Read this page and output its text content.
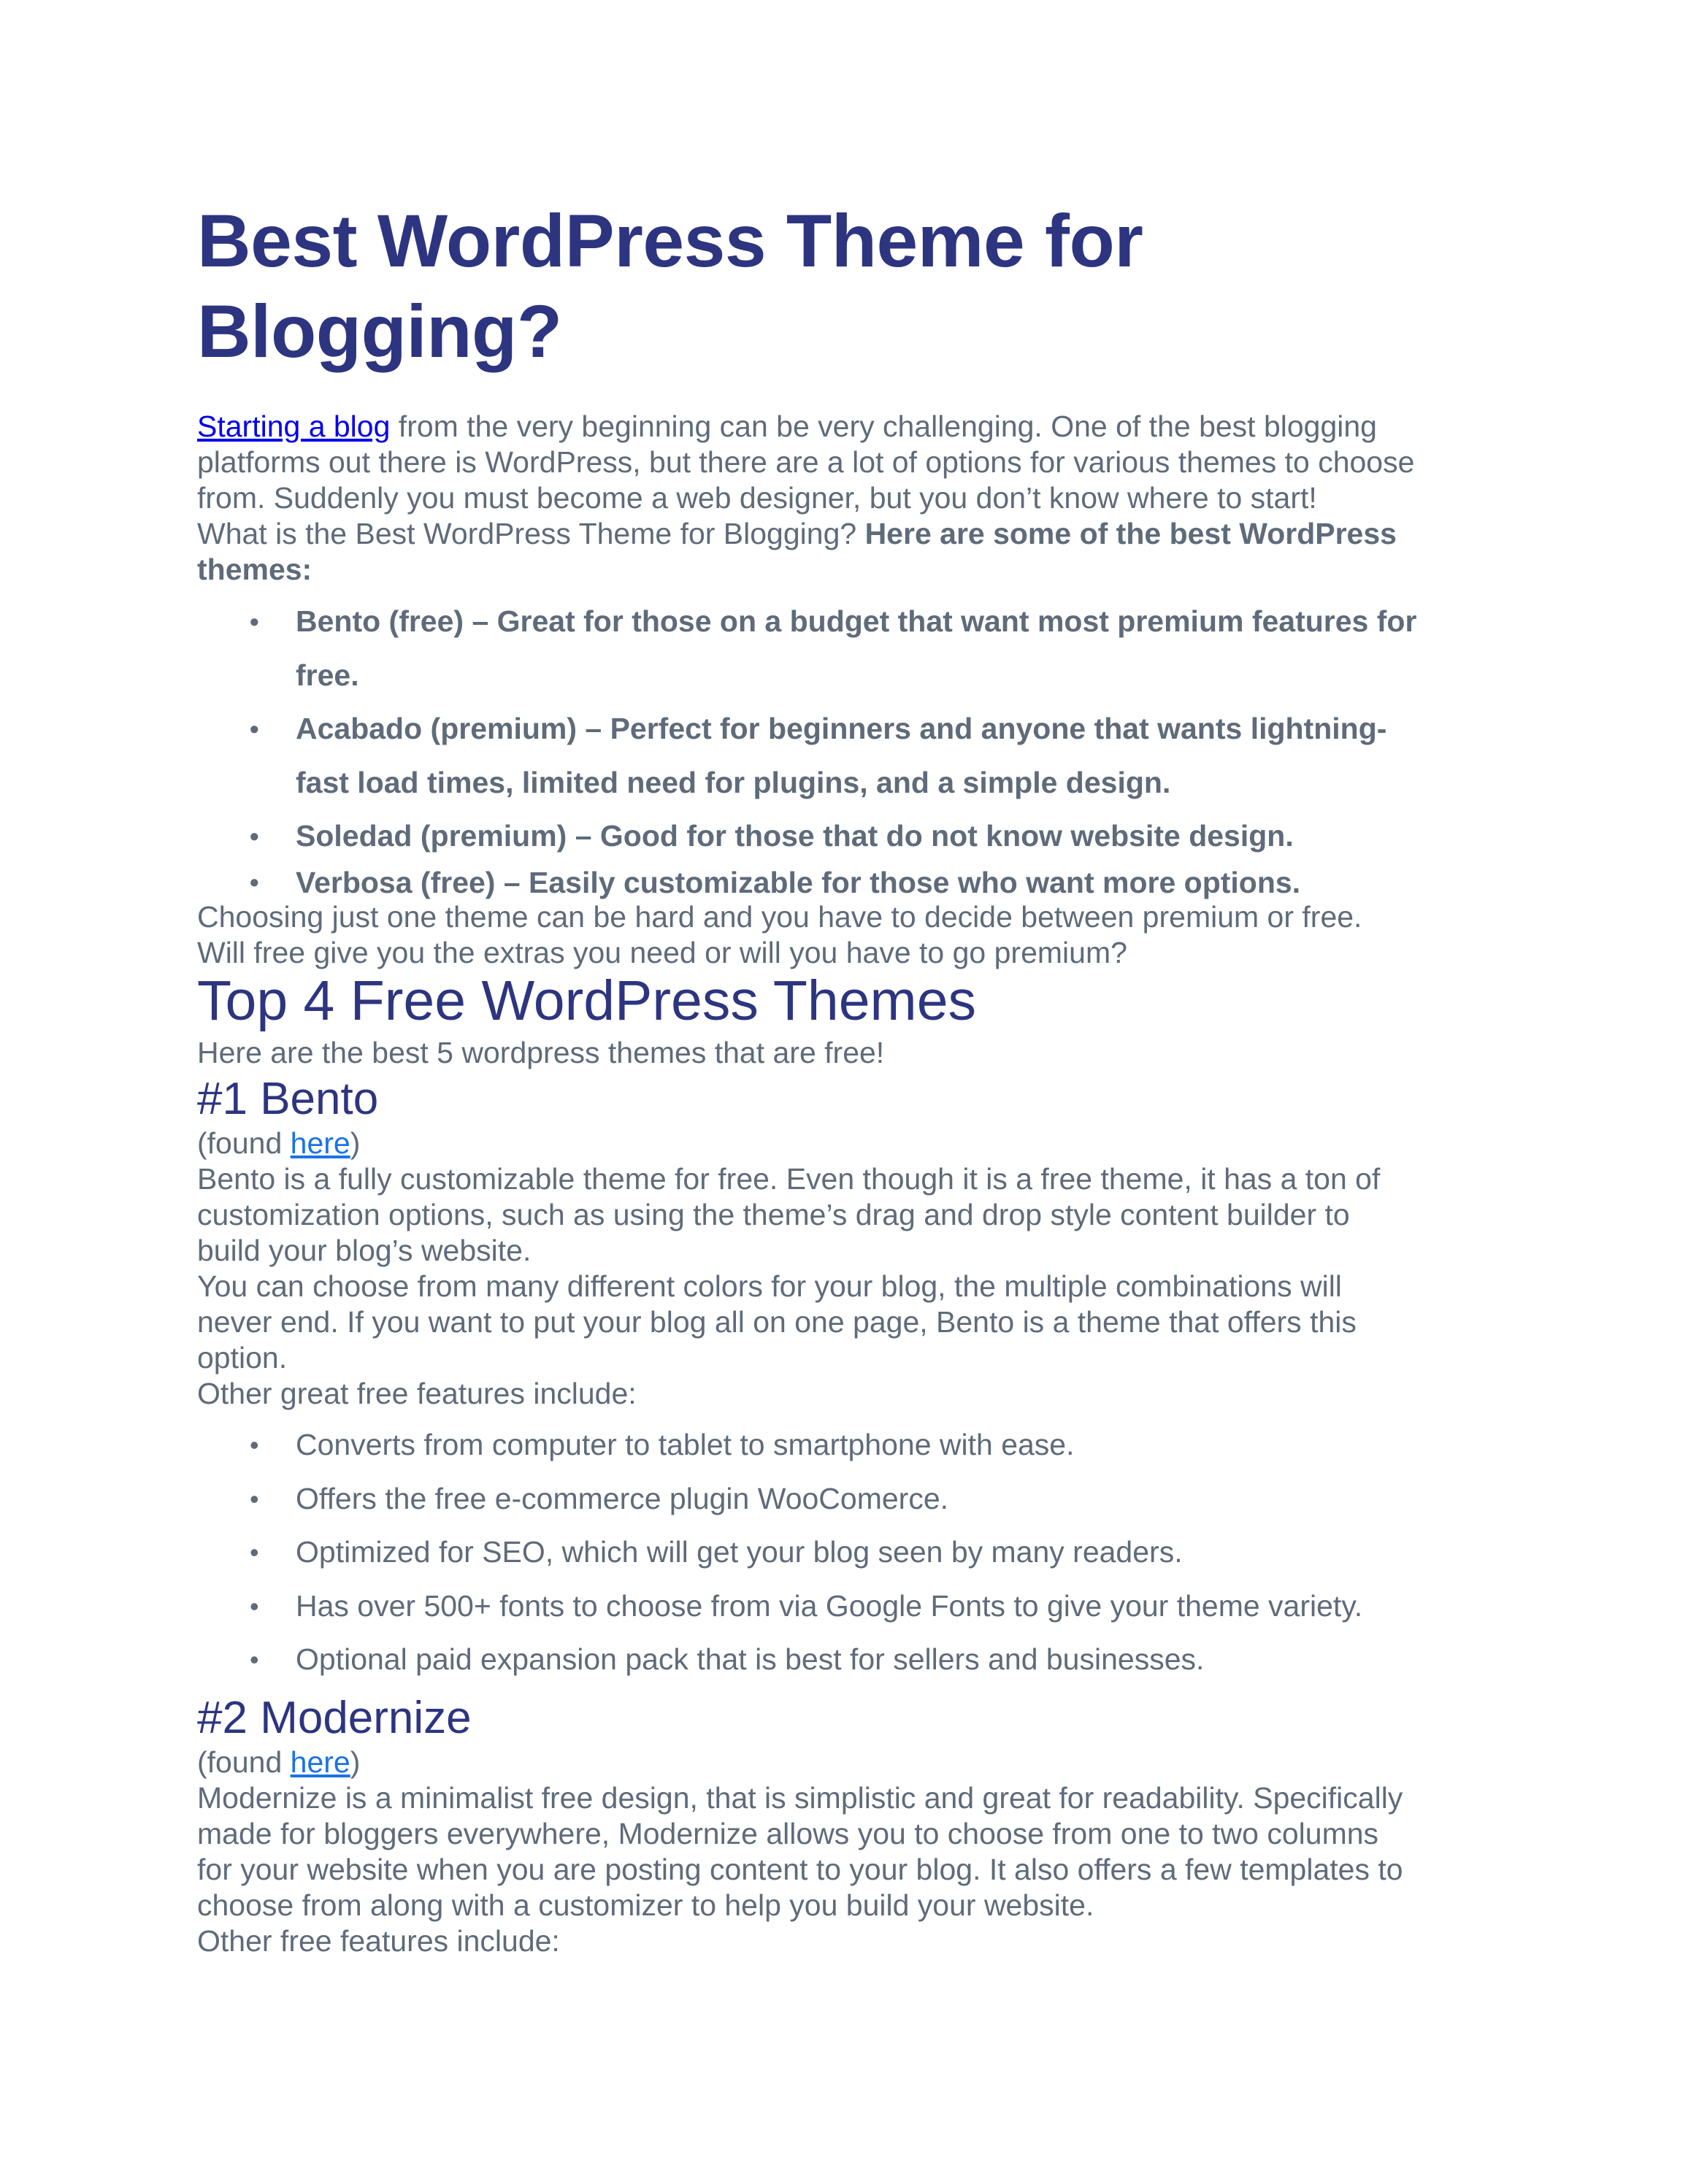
Best WordPress Theme for
Blogging?

Starting a blog from the very beginning can be very challenging. One of the best blogging

platforms out there is WordPress, but there are a lot of options for various themes to choose

from. Suddenly you must become a web designer, but you don’t know where to start!

What is the Best WordPress Theme for Blogging? Here are some of the best WordPress

themes:

• Bento (free) – Great for those on a budget that want most premium features for
free.
• Acabado (premium) – Perfect for beginners and anyone that wants lightning-
fast load times, limited need for plugins, and a simple design.
• Soledad (premium) – Good for those that do not know website design.
• Verbosa (free) – Easily customizable for those who want more options.

Choosing just one theme can be hard and you have to decide between premium or free.

Will free give you the extras you need or will you have to go premium?

Top 4 Free WordPress Themes

Here are the best 5 wordpress themes that are free!

#1 Bento

(found here)

Bento is a fully customizable theme for free. Even though it is a free theme, it has a ton of

customization options, such as using the theme’s drag and drop style content builder to

build your blog’s website.

You can choose from many different colors for your blog, the multiple combinations will

never end. If you want to put your blog all on one page, Bento is a theme that offers this

option.

Other great free features include:

• Converts from computer to tablet to smartphone with ease.
• Offers the free e-commerce plugin WooComerce.
• Optimized for SEO, which will get your blog seen by many readers.
• Has over 500+ fonts to choose from via Google Fonts to give your theme variety.
• Optional paid expansion pack that is best for sellers and businesses.
#2 Modernize

(found here)

Modernize is a minimalist free design, that is simplistic and great for readability. Specifically

made for bloggers everywhere, Modernize allows you to choose from one to two columns

for your website when you are posting content to your blog. It also offers a few templates to

choose from along with a customizer to help you build your website.

Other free features include:
